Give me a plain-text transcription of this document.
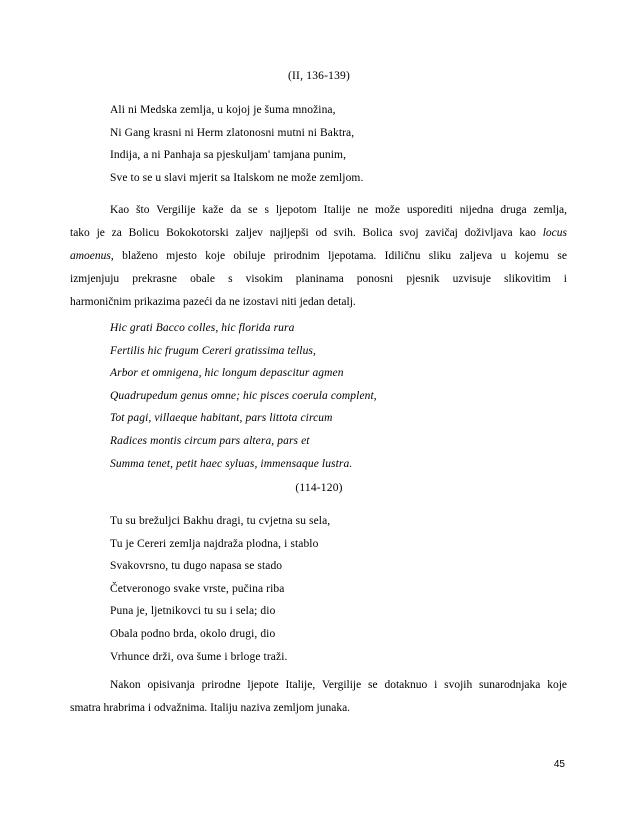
(II, 136-139)
Ali ni Medska zemlja, u kojoj je šuma množina,
Ni Gang krasni ni Herm zlatonosni mutni ni Baktra,
Indija, a ni Panhaja sa pjeskuljam' tamjana punim,
Sve to se u slavi mjerit sa Italskom ne može zemljom.
Kao što Vergilije kaže da se s ljepotom Italije ne može usporediti nijedna druga zemlja,
tako je za Bolicu Bokokotorski zaljev najljepši od svih. Bolica svoj zavičaj doživljava kao locus
amoenus, blaženo mjesto koje obiluje prirodnim ljepotama. Idiličnu sliku zaljeva u kojemu se
izmjenjuju prekrasne obale s visokim planinama ponosni pjesnik uzvisuje slikovitim i
harmoničnim prikazima pazeći da ne izostavi niti jedan detalj.
Hic grati Bacco colles, hic florida rura
Fertilis hic frugum Cereri gratissima tellus,
Arbor et omnigena, hic longum depascitur agmen
Quadrupedum genus omne; hic pisces coerula complent,
Tot pagi, villaeque habitant, pars littota circum
Radices montis circum pars altera, pars et
Summa tenet, petit haec syluas, immensaque lustra.
(114-120)
Tu su brežuljci Bakhu dragi, tu cvjetna su sela,
Tu je Cereri zemlja najdraža plodna, i stablo
Svakovrsno, tu dugo napasa se stado
Četveronogo svake vrste, pučina riba
Puna je, ljetnikovci tu su i sela; dio
Obala podno brda, okolo drugi, dio
Vrhunce drži, ova šume i brloge traži.
Nakon opisivanja prirodne ljepote Italije, Vergilije se dotaknuo i svojih sunarodnjaka koje
smatra hrabrima i odvažnima. Italiju naziva zemljom junaka.
45
